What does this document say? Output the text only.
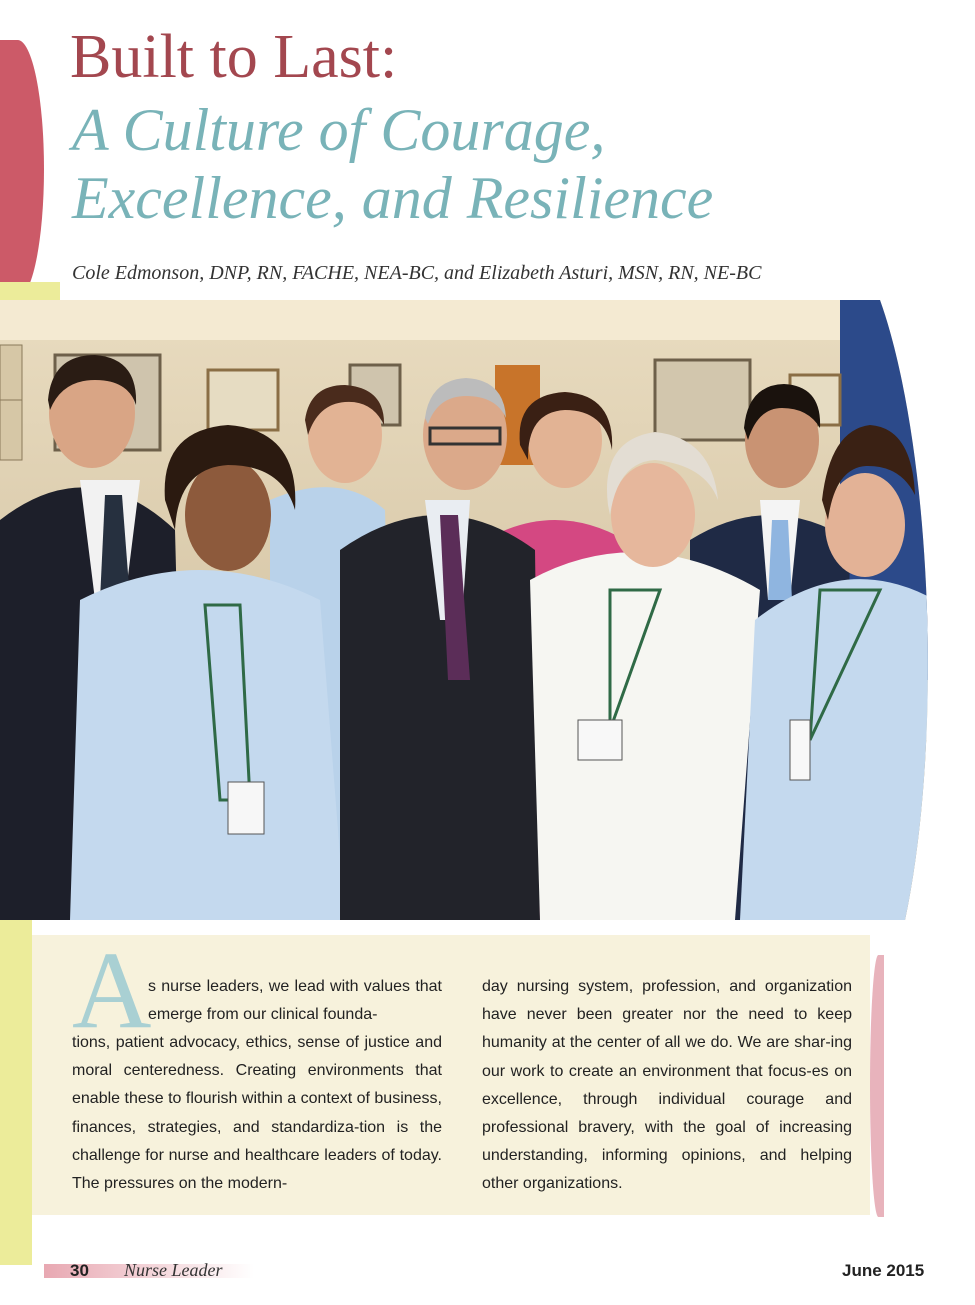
Built to Last:
A Culture of Courage,
Excellence, and Resilience
Cole Edmonson, DNP, RN, FACHE, NEA-BC, and Elizabeth Asturi, MSN, RN, NE-BC
A
s nurse leaders, we lead with values that emerge from our clinical founda-
tions, patient advocacy, ethics, sense of justice and moral centeredness. Creating environments that enable these to flourish within a context of business, finances, strategies, and standardiza-tion is the challenge for nurse and healthcare leaders of today. The pressures on the modern-
day nursing system, profession, and organization have never been greater nor the need to keep humanity at the center of all we do. We are shar-ing our work to create an environment that focus-es on excellence, through individual courage and professional bravery, with the goal of increasing understanding, informing opinions, and helping other organizations.
30 Nurse Leader	June 2015
